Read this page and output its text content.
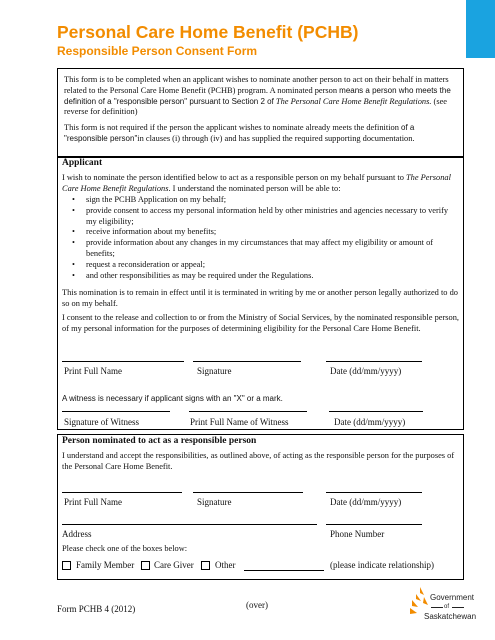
Personal Care Home Benefit (PCHB)
Responsible Person Consent Form
This form is to be completed when an applicant wishes to nominate another person to act on their behalf in matters related to the Personal Care Home Benefit (PCHB) program. A nominated person means a person who meets the definition of a "responsible person" pursuant to Section 2 of The Personal Care Home Benefit Regulations. (see reverse for definition)
This form is not required if the person the applicant wishes to nominate already meets the definition of a "responsible person"in clauses (i) through (iv) and has supplied the required supporting documentation.
Applicant
I wish to nominate the person identified below to act as a responsible person on my behalf pursuant to The Personal Care Home Benefit Regulations. I understand the nominated person will be able to:
• sign the PCHB Application on my behalf;
• provide consent to access my personal information held by other ministries and agencies necessary to verify my eligibility;
• receive information about my benefits;
• provide information about any changes in my circumstances that may affect my eligibility or amount of benefits;
• request a reconsideration or appeal;
• and other responsibilities as may be required under the Regulations.
This nomination is to remain in effect until it is terminated in writing by me or another person legally authorized to do so on my behalf.
I consent to the release and collection to or from the Ministry of Social Services, by the nominated responsible person, of my personal information for the purposes of determining eligibility for the Personal Care Home Benefit.
Print Full Name	Signature	Date (dd/mm/yyyy)
A witness is necessary if applicant signs with an "X" or a mark.
Signature of Witness	Print Full Name of Witness	Date (dd/mm/yyyy)
Person nominated to act as a responsible person
I understand and accept the responsibilities, as outlined above, of acting as the responsible person for the purposes of the Personal Care Home Benefit.
Print Full Name	Signature	Date (dd/mm/yyyy)
Address	Phone Number
Please check one of the boxes below:
Family Member Care Giver Other	(please indicate relationship)
Form PCHB 4 (2012)	(over)
Government
of
Saskatchewan
